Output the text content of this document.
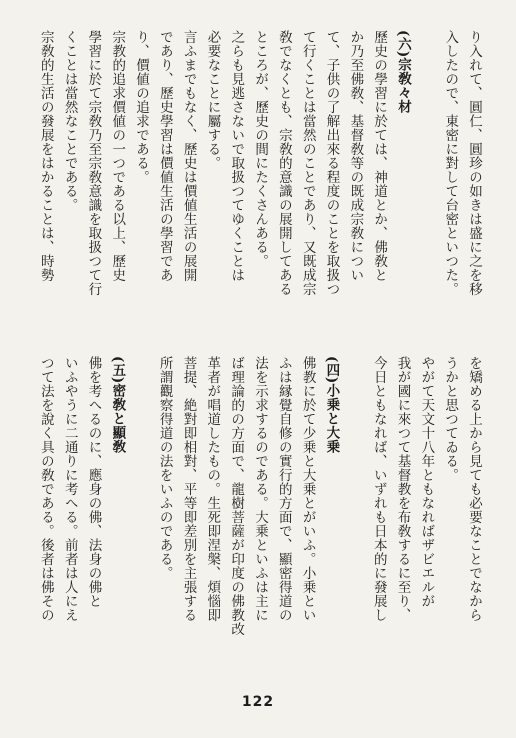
り入れて、圓仁、圓珍の如きは盛に之を移
入したので、東密に對して台密といつた。
(六)宗敎々材
歷史の學習に於ては、神道とか、佛敎と
か乃至佛敎、基督敎等の既成宗敎につい
て、子供の了解出來る程度のことを取扱つ
て行くことは當然のことであり、又既成宗
敎でなくとも、宗敎的意識の展開してある
ところが、歷史の間にたくさんある。
之らも見逃さないで取扱つてゆくことは
必要なことに屬する。
言ふまでもなく、歷史は價値生活の展開
であり、歷史學習は價値生活の學習であ
り、價値の追求である。
宗教的追求價値の一つである以上、歷史
學習に於て宗敎乃至宗敎意識を取扱つて行
くことは當然なことである。
宗敎的生活の發展をはかることは、時勢
を矯める上から見ても必要なことでなから
うかと思つてゐる。
やがて天文十八年ともなればザビエルが
我が國に來つて基督教を布敎するに至り、
今日ともなれば、いずれも日本的に發展し
(四)小乗と大乗
佛教に於て少乗と大乗とがいふ。小乗とい
ふは縁覺自修の實行的方面で、顯密得道の
法を示求するのである。大乗といふは主に
ば理論的の方面で、龍樹菩薩が印度の佛教改
革者が唱道したもの。生死即涅槃、煩惱即
菩提、絶對即相對、平等即差別を主張する
所謂觀察得道の法をいふのである。
(五)密敎と顯敎
佛を考へるのに、應身の佛、法身の佛と
いふやうに二通りに考へる。前者は人にえ
つて法を說く具の敎である。後者は佛その
122
